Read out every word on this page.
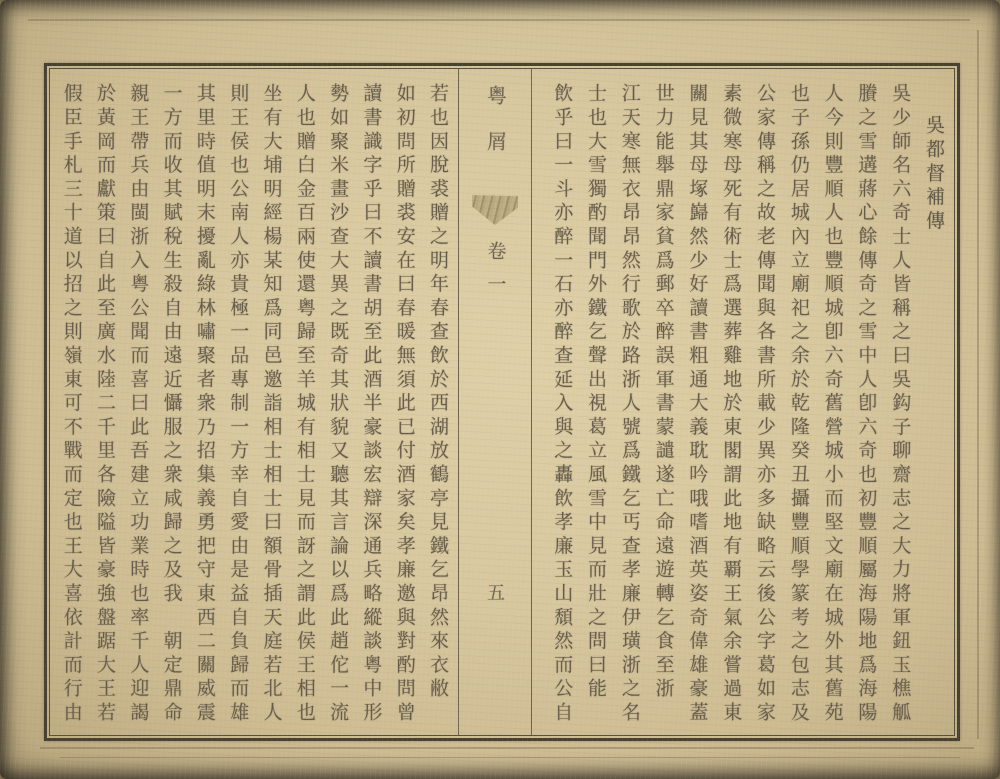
吳都督補傳
吳少師名六奇士人皆稱之曰吳鈎子聊齋志之大力將軍鈕玉樵觚
賸之雪遘蔣心餘傳奇之雪中人卽六奇也初豐順屬海陽地爲海陽
人今則豐順人也豐順城卽六奇舊營城小而堅文廟在城外其舊苑
也子孫仍居城內立廟祀之余於乾隆癸丑攝豐順學篆考之包志及
公家傳稱之故老傳聞與各書所載少異亦多缺略云後公字葛如家
素微寒母死有術士爲選葬雞地於東閣謂此地有覇王氣余嘗過東
關見其母塚巋然少好讀書粗通大義耽吟哦嗜酒英姿奇偉雄豪蓋
世力能舉鼎家貧爲郵卒醉誤軍書蒙譴遂亡命遠遊轉乞食至浙
江天寒無衣昂昂然行歌於路浙人號爲鐵乞丐查孝廉伊璜浙之名
士也大雪獨酌聞門外鐵乞聲出視葛立風雪中見而壯之問曰能
飲乎曰一斗亦醉一石亦醉查延入與之轟飲孝廉玉山頹然而公自
粤屑
卷一
五
若也因脫裘贈之明年春查飲於西湖放鶴亭見鐵乞昂然來衣敝
如初問所贈裘安在曰春暖無須此已付酒家矣孝廉邀與對酌問曾
讀書識字乎曰不讀書胡至此酒半豪談宏辯深通兵略縱談粤中形
勢如聚米畫沙查大異之既奇其狀貌又聽其言論以爲此趙佗一流
人也贈白金百兩使還粤歸至羊城有相士見而訝之謂此侯王相也
坐有大埔明經楊某知爲同邑邀詣相士相士曰額骨插天庭若北人
則王侯也公南人亦貴極一品專制一方幸自愛由是益自負歸而雄
其里時值明末擾亂綠林嘯聚者衆乃招集義勇把守東西二關威震
一方而收其賦稅生殺自由遠近懾服之衆咸歸之及我　朝定鼎命
親王帶兵由閩浙入粤公聞而喜曰此吾建立功業時也率千人迎謁
於黃岡而獻策曰自此至廣水陸二千里各險隘皆豪強盤踞大王若
假臣手札三十道以招之則嶺東可不戰而定也王大喜依計而行由
